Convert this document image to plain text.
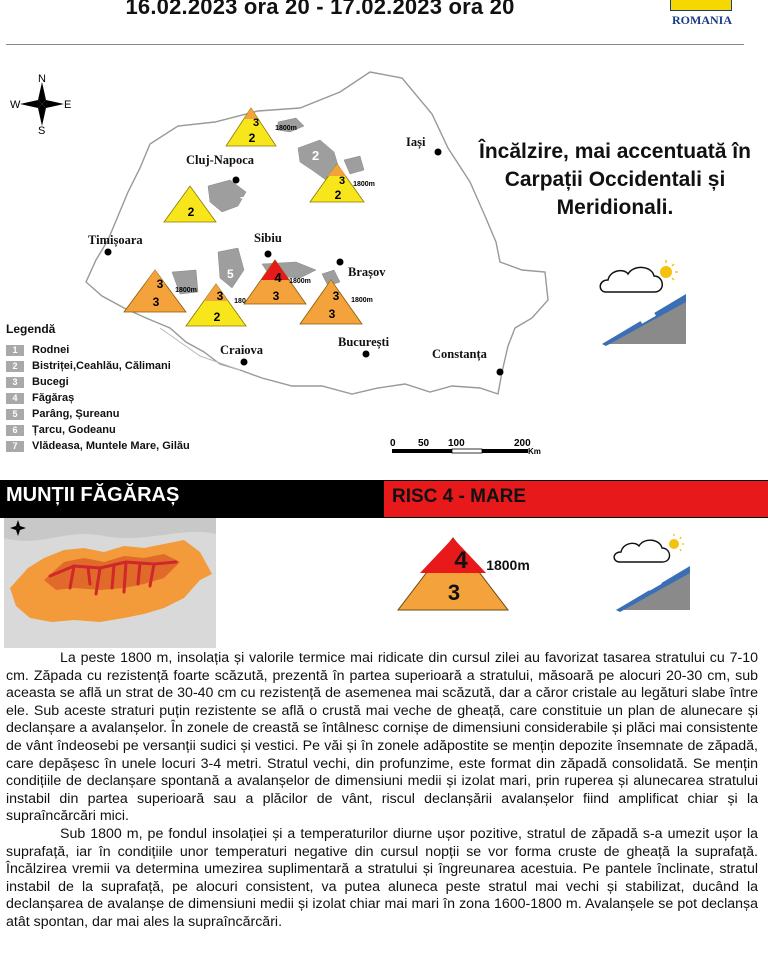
16.02.2023 ora 20 - 17.02.2023 ora 20
ROMANIA
2
7
5
N
S
W	E
Cluj-Napoca
Iași
Timișoara	Sibiu
Brașov
Craiova
București
Constanța
3
2
1800m
3
2
1800m
2
3
3
1800m 3
2
180
4
3
1800m
3
3
1800m
0 50 100	200
Km
Încălzire, mai accentuată în Carpații Occidentali și Meridionali.
Legendă
1	Rodnei
2	Bistriței,Ceahlău, Călimani
3	Bucegi
4	Făgăraș
5	Parâng, Șureanu
6	Țarcu, Godeanu
7	Vlădeasa, Muntele Mare, Gilău
MUNȚII FĂGĂRAȘ	RISC 4 - MARE
4
3
1800m

La peste 1800 m, insolația și valorile termice mai ridicate din cursul zilei au favorizat tasarea stratului cu 7-10 cm. Zăpada cu rezistență foarte scăzută, prezentă în partea superioară a stratului, măsoară pe alocuri 20-30 cm, sub aceasta se află un strat de 30-40 cm cu rezistență de asemenea mai scăzută, dar a căror cristale au legături slabe între ele. Sub aceste straturi puțin rezistente se află o crustă mai veche de gheață, care constituie un plan de alunecare și declanșare a avalanșelor. În zonele de creastă se întâlnesc cornișe de dimensiuni considerabile și plăci mai consistente de vânt îndeosebi pe versanții sudici și vestici. Pe văi și în zonele adăpostite se mențin depozite însemnate de zăpadă, care depășesc în unele locuri 3-4 metri. Stratul vechi, din profunzime, este format din zăpadă consolidată. Se mențin condițiile de declanșare spontană a avalanșelor de dimensiuni medii și izolat mari, prin ruperea și alunecarea stratului instabil din partea superioară sau a plăcilor de vânt, riscul declanșării avalanșelor fiind amplificat chiar și la supraîncărcări mici.

Sub 1800 m, pe fondul insolației și a temperaturilor diurne ușor pozitive, stratul de zăpadă s-a umezit ușor la suprafață, iar în condițiile unor temperaturi negative din cursul nopții se vor forma cruste de gheață la suprafață. Încălzirea vremii va determina umezirea suplimentară a stratului și îngreunarea acestuia. Pe pantele înclinate, stratul instabil de la suprafață, pe alocuri consistent, va putea aluneca peste stratul mai vechi și stabilizat, ducând la declanșarea de avalanșe de dimensiuni medii și izolat chiar mai mari în zona 1600-1800 m. Avalanșele se pot declanșa atât spontan, dar mai ales la supraîncărcări.
